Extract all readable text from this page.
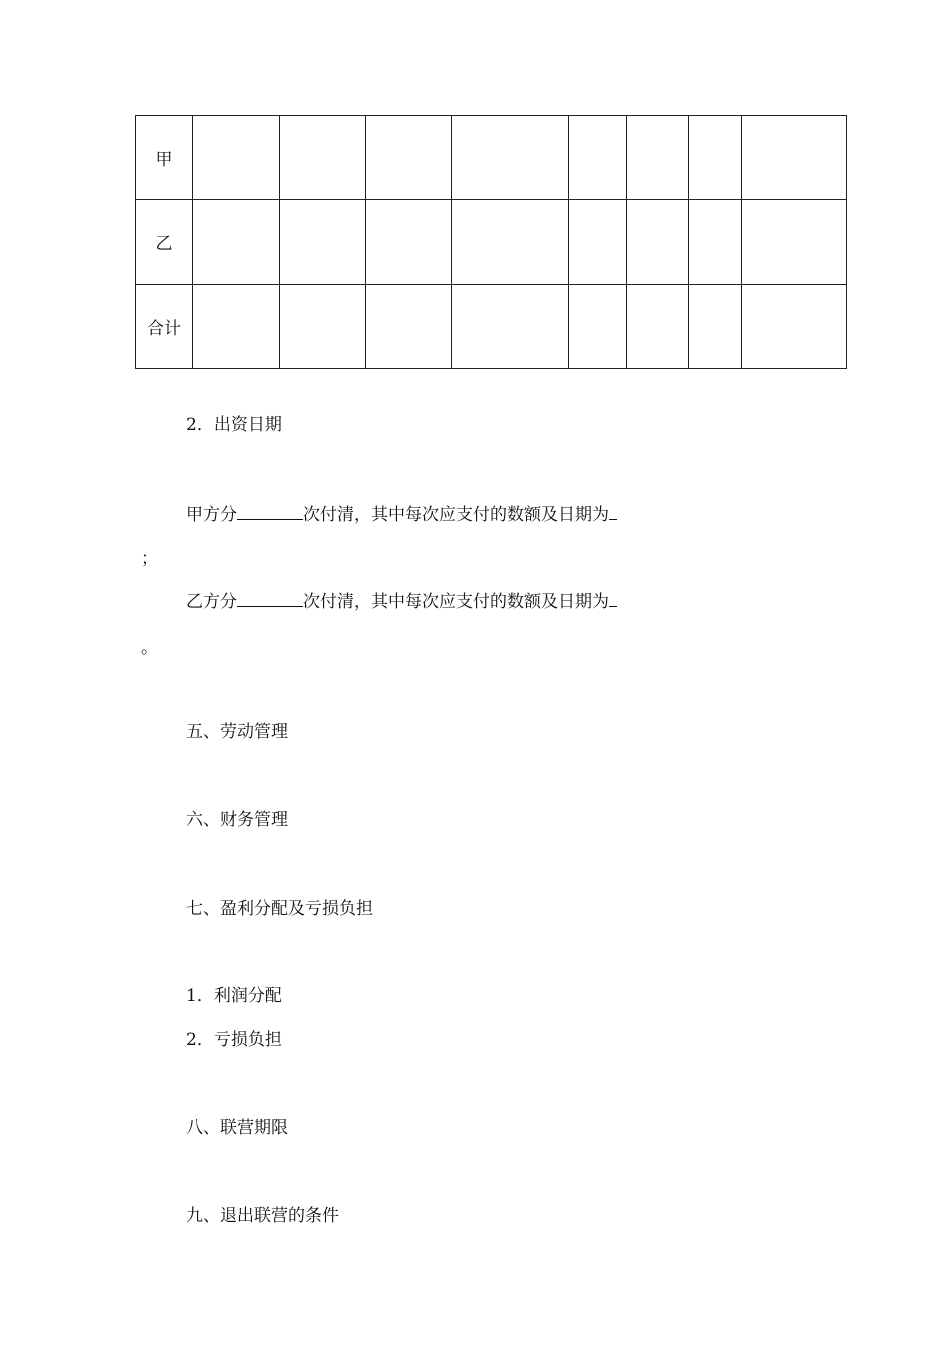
甲								
乙								
合计								
2．出资日期
甲方分	次付清，其中每次应支付的数额及日期为
；
乙方分	次付清，其中每次应支付的数额及日期为
。
五、劳动管理
六、财务管理
七、盈利分配及亏损负担
1．利润分配
2．亏损负担
八、联营期限
九、退出联营的条件
